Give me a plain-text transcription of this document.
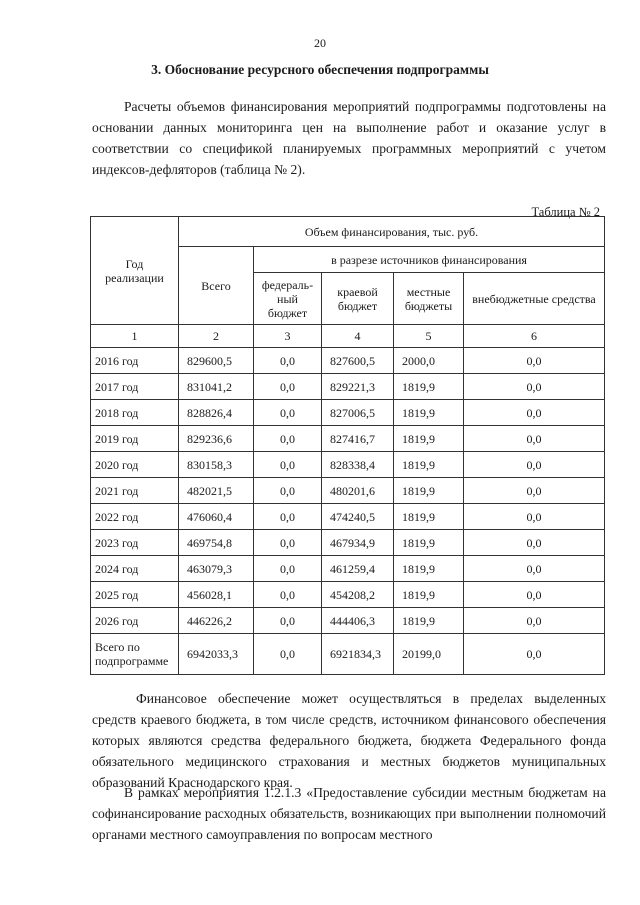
20
3. Обоснование ресурсного обеспечения подпрограммы

Расчеты объемов финансирования мероприятий подпрограммы подготовлены на основании данных мониторинга цен на выполнение работ и оказание услуг в соответствии со спецификой планируемых программных мероприятий с учетом индексов-дефляторов (таблица № 2).

Таблица № 2
Год реализации	Объем финансирования, тыс. руб.				
	Всего	в разрезе источников финансирования			
		федераль-ный бюджет	краевой бюджет	местные бюджеты	внебюджетные средства
1	2	3	4	5	6
2016 год	829600,5	0,0	827600,5	2000,0	0,0
2017 год	831041,2	0,0	829221,3	1819,9	0,0
2018 год	828826,4	0,0	827006,5	1819,9	0,0
2019 год	829236,6	0,0	827416,7	1819,9	0,0
2020 год	830158,3	0,0	828338,4	1819,9	0,0
2021 год	482021,5	0,0	480201,6	1819,9	0,0
2022 год	476060,4	0,0	474240,5	1819,9	0,0
2023 год	469754,8	0,0	467934,9	1819,9	0,0
2024 год	463079,3	0,0	461259,4	1819,9	0,0
2025 год	456028,1	0,0	454208,2	1819,9	0,0
2026 год	446226,2	0,0	444406,3	1819,9	0,0
Всего по подпрограмме	6942033,3	0,0	6921834,3	20199,0	0,0

Финансовое обеспечение может осуществляться в пределах выделенных средств краевого бюджета, в том числе средств, источником финансового обеспечения которых являются средства федерального бюджета, бюджета Федерального фонда обязательного медицинского страхования и местных бюджетов муниципальных образований Краснодарского края.

В рамках мероприятия 1.2.1.3 «Предоставление субсидии местным бюджетам на софинансирование расходных обязательств, возникающих при выполнении полномочий органами местного самоуправления по вопросам местного
